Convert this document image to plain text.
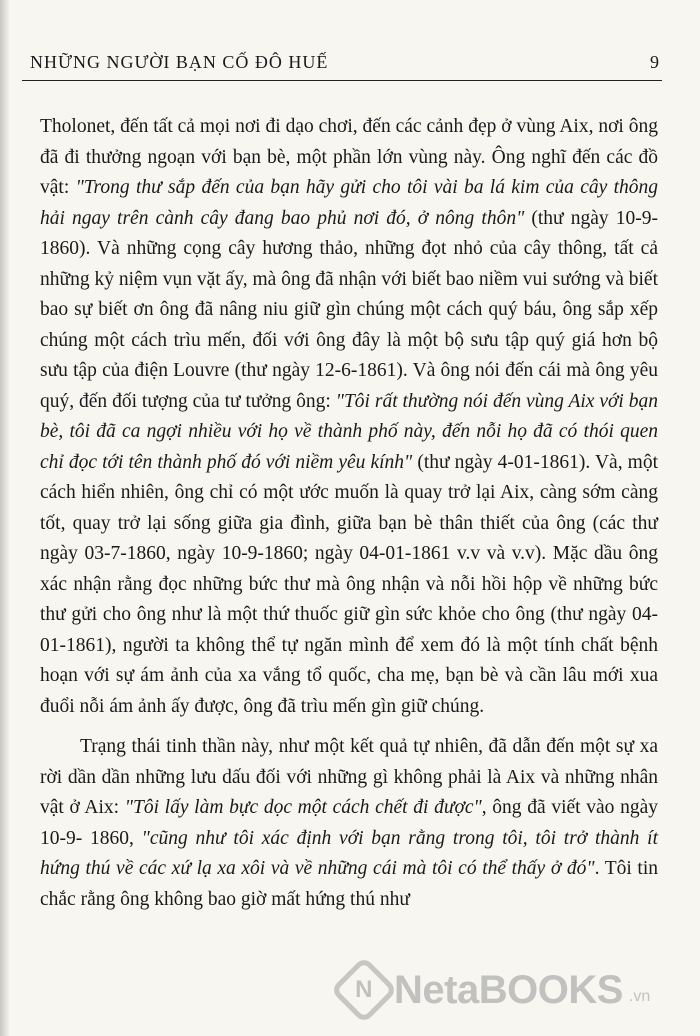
NHỮNG NGƯỜI BẠN CỐ ĐÔ HUẾ	9

Tholonet, đến tất cả mọi nơi đi dạo chơi, đến các cảnh đẹp ở vùng Aix, nơi ông đã đi thưởng ngoạn với bạn bè, một phần lớn vùng này. Ông nghĩ đến các đồ vật: "Trong thư sắp đến của bạn hãy gửi cho tôi vài ba lá kim của cây thông hải ngay trên cành cây đang bao phủ nơi đó, ở nông thôn" (thư ngày 10-9-1860). Và những cọng cây hương thảo, những đọt nhỏ của cây thông, tất cả những kỷ niệm vụn vặt ấy, mà ông đã nhận với biết bao niềm vui sướng và biết bao sự biết ơn ông đã nâng niu giữ gìn chúng một cách quý báu, ông sắp xếp chúng một cách trìu mến, đối với ông đây là một bộ sưu tập quý giá hơn bộ sưu tập của điện Louvre (thư ngày 12-6-1861). Và ông nói đến cái mà ông yêu quý, đến đối tượng của tư tưởng ông: "Tôi rất thường nói đến vùng Aix với bạn bè, tôi đã ca ngợi nhiều với họ về thành phố này, đến nỗi họ đã có thói quen chỉ đọc tới tên thành phố đó với niềm yêu kính" (thư ngày 4-01-1861). Và, một cách hiển nhiên, ông chỉ có một ước muốn là quay trở lại Aix, càng sớm càng tốt, quay trở lại sống giữa gia đình, giữa bạn bè thân thiết của ông (các thư ngày 03-7-1860, ngày 10-9-1860; ngày 04-01-1861 v.v và v.v). Mặc dầu ông xác nhận rằng đọc những bức thư mà ông nhận và nỗi hồi hộp về những bức thư gửi cho ông như là một thứ thuốc giữ gìn sức khỏe cho ông (thư ngày 04-01-1861), người ta không thể tự ngăn mình để xem đó là một tính chất bệnh hoạn với sự ám ảnh của xa vắng tổ quốc, cha mẹ, bạn bè và cần lâu mới xua đuổi nỗi ám ảnh ấy được, ông đã trìu mến gìn giữ chúng.

Trạng thái tinh thần này, như một kết quả tự nhiên, đã dẫn đến một sự xa rời dần dần những lưu dấu đối với những gì không phải là Aix và những nhân vật ở Aix: "Tôi lấy làm bực dọc một cách chết đi được", ông đã viết vào ngày 10-9- 1860, "cũng như tôi xác định với bạn rằng trong tôi, tôi trở thành ít hứng thú về các xứ lạ xa xôi và về những cái mà tôi có thể thấy ở đó". Tôi tin chắc rằng ông không bao giờ mất hứng thú như

N NetaBOOKS .vn
